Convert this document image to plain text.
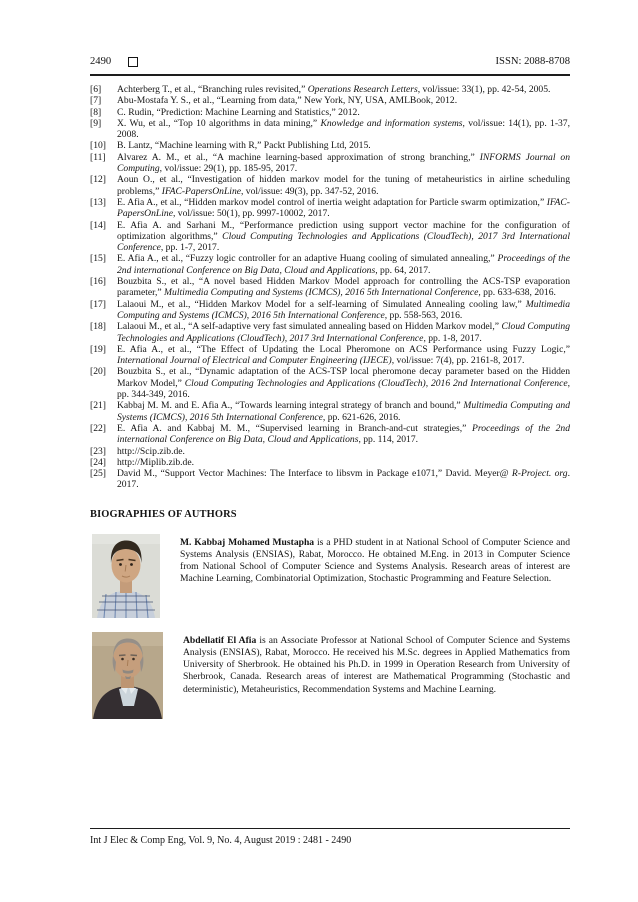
2490	ISSN: 2088-8708
[6] Achterberg T., et al., “Branching rules revisited,” Operations Research Letters, vol/issue: 33(1), pp. 42-54, 2005.
[7] Abu-Mostafa Y. S., et al., “Learning from data,” New York, NY, USA, AMLBook, 2012.
[8] C. Rudin, “Prediction: Machine Learning and Statistics,” 2012.
[9] X. Wu, et al., “Top 10 algorithms in data mining,” Knowledge and information systems, vol/issue: 14(1), pp. 1-37, 2008.
[10] B. Lantz, “Machine learning with R,” Packt Publishing Ltd, 2015.
[11] Alvarez A. M., et al., “A machine learning-based approximation of strong branching,” INFORMS Journal on Computing, vol/issue: 29(1), pp. 185-95, 2017.
[12] Aoun O., et al., “Investigation of hidden markov model for the tuning of metaheuristics in airline scheduling problems,” IFAC-PapersOnLine, vol/issue: 49(3), pp. 347-52, 2016.
[13] E. Afia A., et al., “Hidden markov model control of inertia weight adaptation for Particle swarm optimization,” IFAC-PapersOnLine, vol/issue: 50(1), pp. 9997-10002, 2017.
[14] E. Afia A. and Sarhani M., “Performance prediction using support vector machine for the configuration of optimization algorithms,” Cloud Computing Technologies and Applications (CloudTech), 2017 3rd International Conference, pp. 1-7, 2017.
[15] E. Afia A., et al., “Fuzzy logic controller for an adaptive Huang cooling of simulated annealing,” Proceedings of the 2nd international Conference on Big Data, Cloud and Applications, pp. 64, 2017.
[16] Bouzbita S., et al., “A novel based Hidden Markov Model approach for controlling the ACS-TSP evaporation parameter,” Multimedia Computing and Systems (ICMCS), 2016 5th International Conference, pp. 633-638, 2016.
[17] Lalaoui M., et al., “Hidden Markov Model for a self-learning of Simulated Annealing cooling law,” Multimedia Computing and Systems (ICMCS), 2016 5th International Conference, pp. 558-563, 2016.
[18] Lalaoui M., et al., “A self-adaptive very fast simulated annealing based on Hidden Markov model,” Cloud Computing Technologies and Applications (CloudTech), 2017 3rd International Conference, pp. 1-8, 2017.
[19] E. Afia A., et al., “The Effect of Updating the Local Pheromone on ACS Performance using Fuzzy Logic,” International Journal of Electrical and Computer Engineering (IJECE), vol/issue: 7(4), pp. 2161-8, 2017.
[20] Bouzbita S., et al., “Dynamic adaptation of the ACS-TSP local pheromone decay parameter based on the Hidden Markov Model,” Cloud Computing Technologies and Applications (CloudTech), 2016 2nd International Conference, pp. 344-349, 2016.
[21] Kabbaj M. M. and E. Afia A., “Towards learning integral strategy of branch and bound,” Multimedia Computing and Systems (ICMCS), 2016 5th International Conference, pp. 621-626, 2016.
[22] E. Afia A. and Kabbaj M. M., “Supervised learning in Branch-and-cut strategies,” Proceedings of the 2nd international Conference on Big Data, Cloud and Applications, pp. 114, 2017.
[23] http://Scip.zib.de.
[24] http://Miplib.zib.de.
[25] David M., “Support Vector Machines: The Interface to libsvm in Package e1071,” David. Meyer@ R-Project. org. 2017.
BIOGRAPHIES OF AUTHORS

M. Kabbaj Mohamed Mustapha is a PHD student in at National School of Computer Science and Systems Analysis (ENSIAS), Rabat, Morocco. He obtained M.Eng. in 2013 in Computer Science from National School of Computer Science and Systems Analysis. Research areas of interest are Machine Learning, Combinatorial Optimization, Stochastic Programming and Feature Selection.

Abdellatif El Afia is an Associate Professor at National School of Computer Science and Systems Analysis (ENSIAS), Rabat, Morocco. He received his M.Sc. degrees in Applied Mathematics from University of Sherbrook. He obtained his Ph.D. in 1999 in Operation Research from University of Sherbrook, Canada. Research areas of interest are Mathematical Programming (Stochastic and deterministic), Metaheuristics, Recommendation Systems and Machine Learning.

Int J Elec & Comp Eng, Vol. 9, No. 4, August 2019 : 2481 - 2490
